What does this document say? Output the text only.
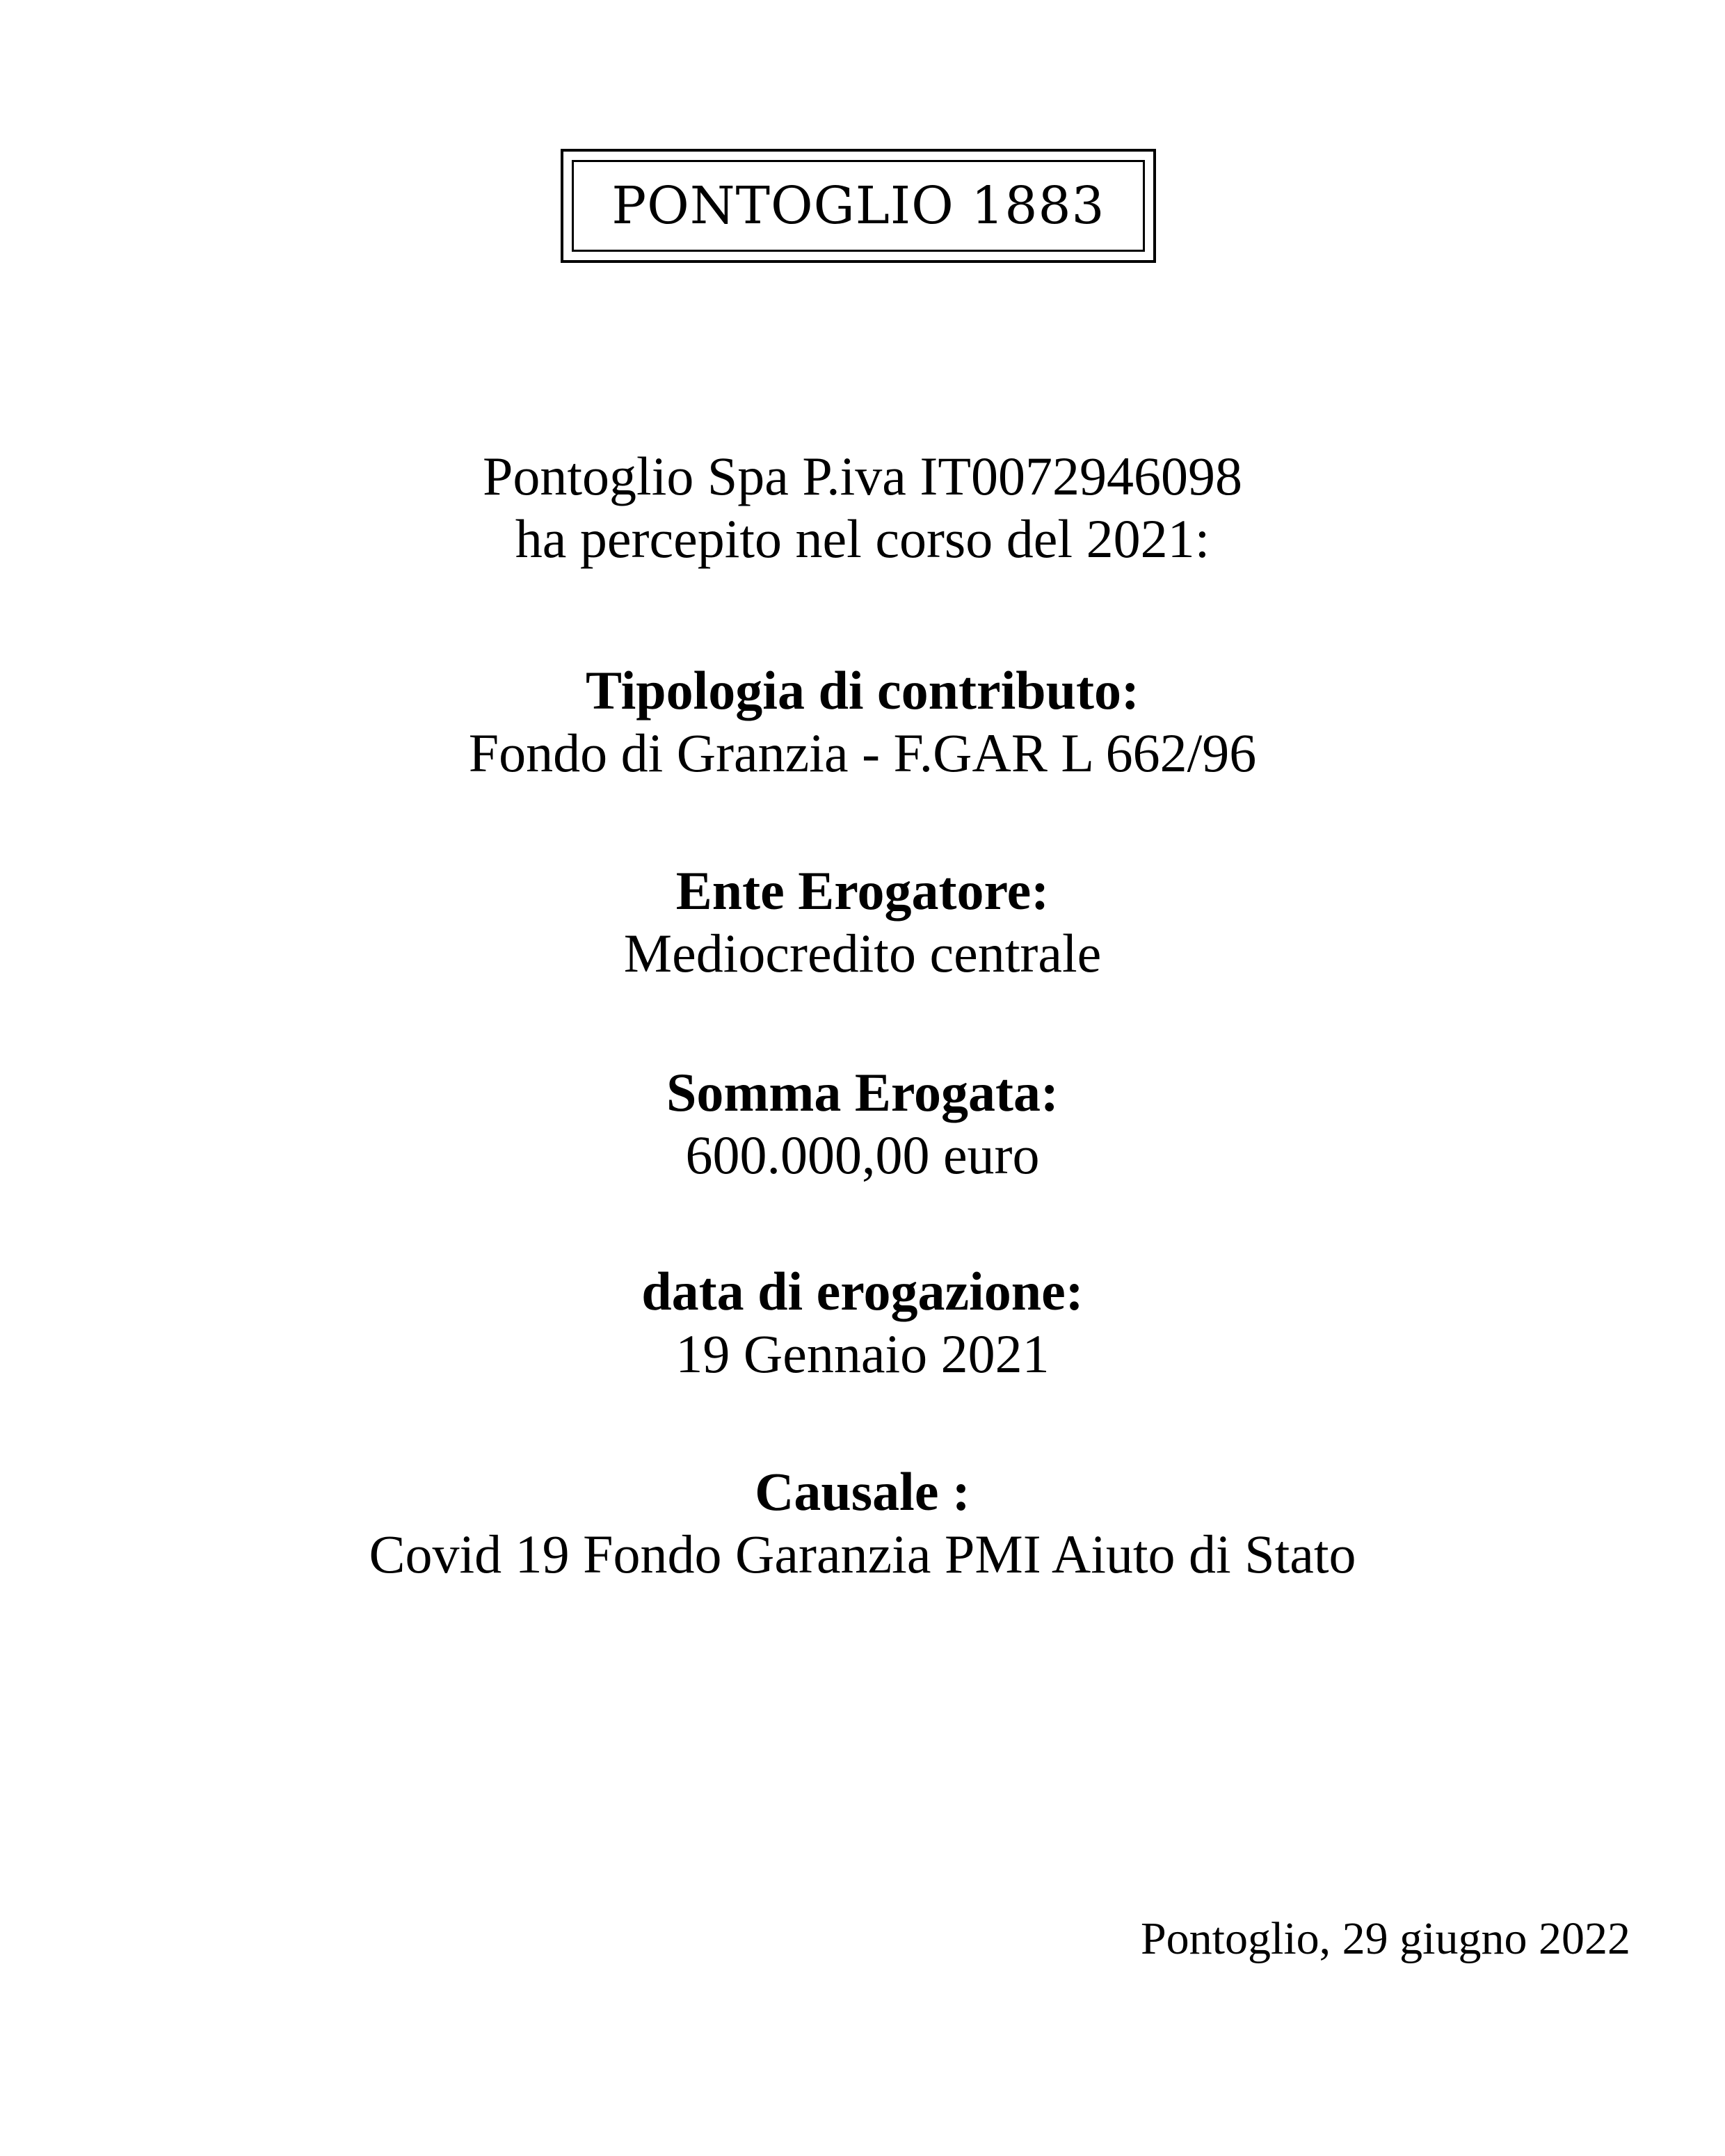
PONTOGLIO 1883
Pontoglio Spa P.iva IT0072946098
ha percepito nel corso del 2021:
Tipologia di contributo:
Fondo di Granzia - F.GAR L 662/96
Ente Erogatore:
Mediocredito centrale
Somma Erogata:
600.000,00 euro
data di erogazione:
19 Gennaio 2021
Causale :
Covid 19 Fondo Garanzia PMI Aiuto di Stato
Pontoglio, 29 giugno 2022
